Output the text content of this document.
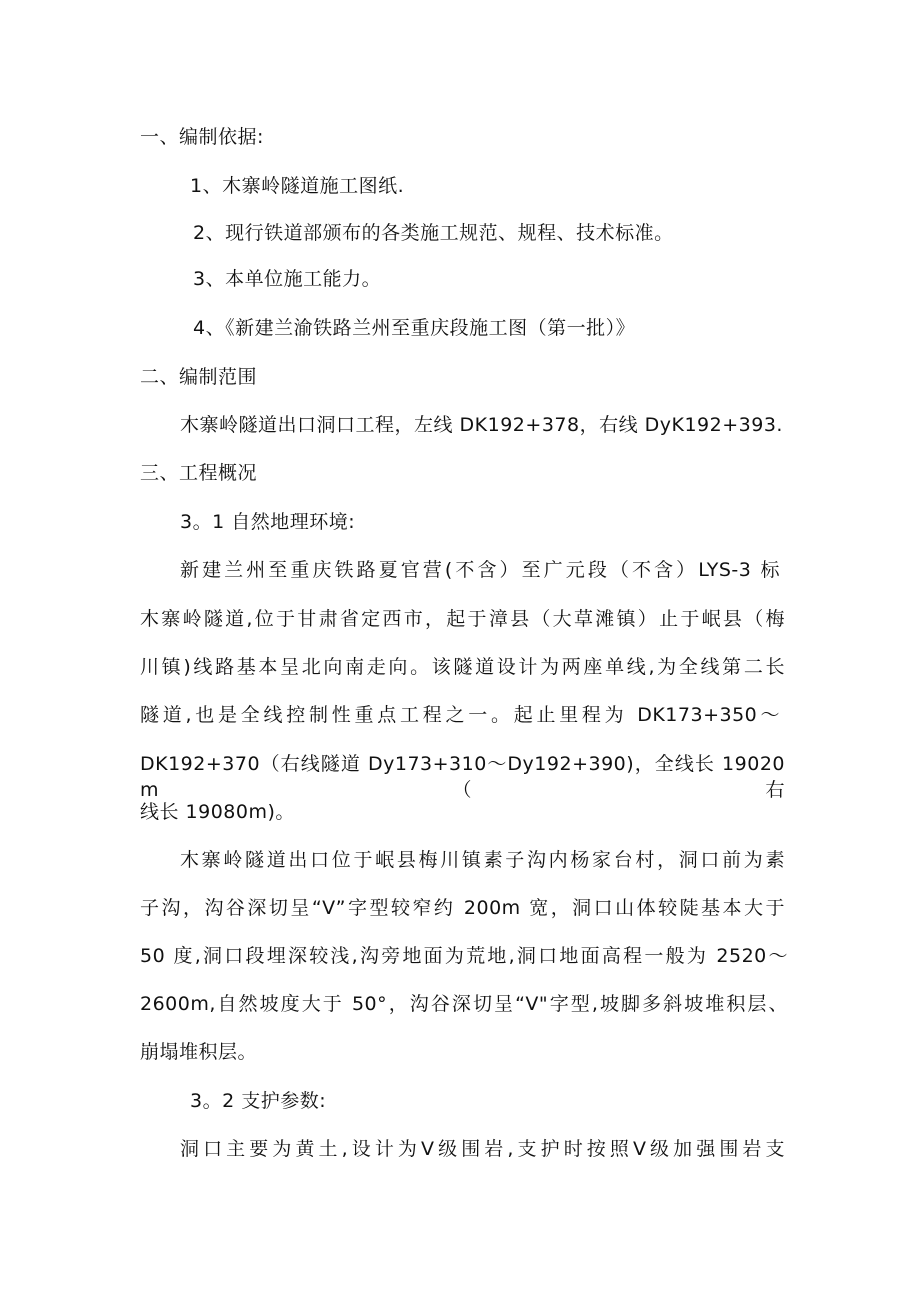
一、编制依据:
1、木寨岭隧道施工图纸.
2、现行铁道部颁布的各类施工规范、规程、技术标准。
3、本单位施工能力。
4、《新建兰渝铁路兰州至重庆段施工图（第一批）》
二、编制范围
木寨岭隧道出口洞口工程，左线 DK192+378，右线 DyK192+393.
三、工程概况
3。1 自然地理环境:
新建兰州至重庆铁路夏官营(不含）至广元段（不含）LYS-3 标
木寨岭隧道,位于甘肃省定西市，起于漳县（大草滩镇）止于岷县（梅
川镇)线路基本呈北向南走向。该隧道设计为两座单线,为全线第二长
隧道,也是全线控制性重点工程之一。起止里程为 DK173+350～
DK192+370（右线隧道 Dy173+310～Dy192+390)，全线长 19020 m（右
线长 19080m)。
木寨岭隧道出口位于岷县梅川镇素子沟内杨家台村，洞口前为素
子沟，沟谷深切呈“V”字型较窄约 200m 宽，洞口山体较陡基本大于
50 度,洞口段埋深较浅,沟旁地面为荒地,洞口地面高程一般为 2520～
2600m,自然坡度大于 50°，沟谷深切呈“V"字型,坡脚多斜坡堆积层、
崩塌堆积层。
3。2 支护参数:
洞口主要为黄土,设计为Ⅴ级围岩,支护时按照Ⅴ级加强围岩支
